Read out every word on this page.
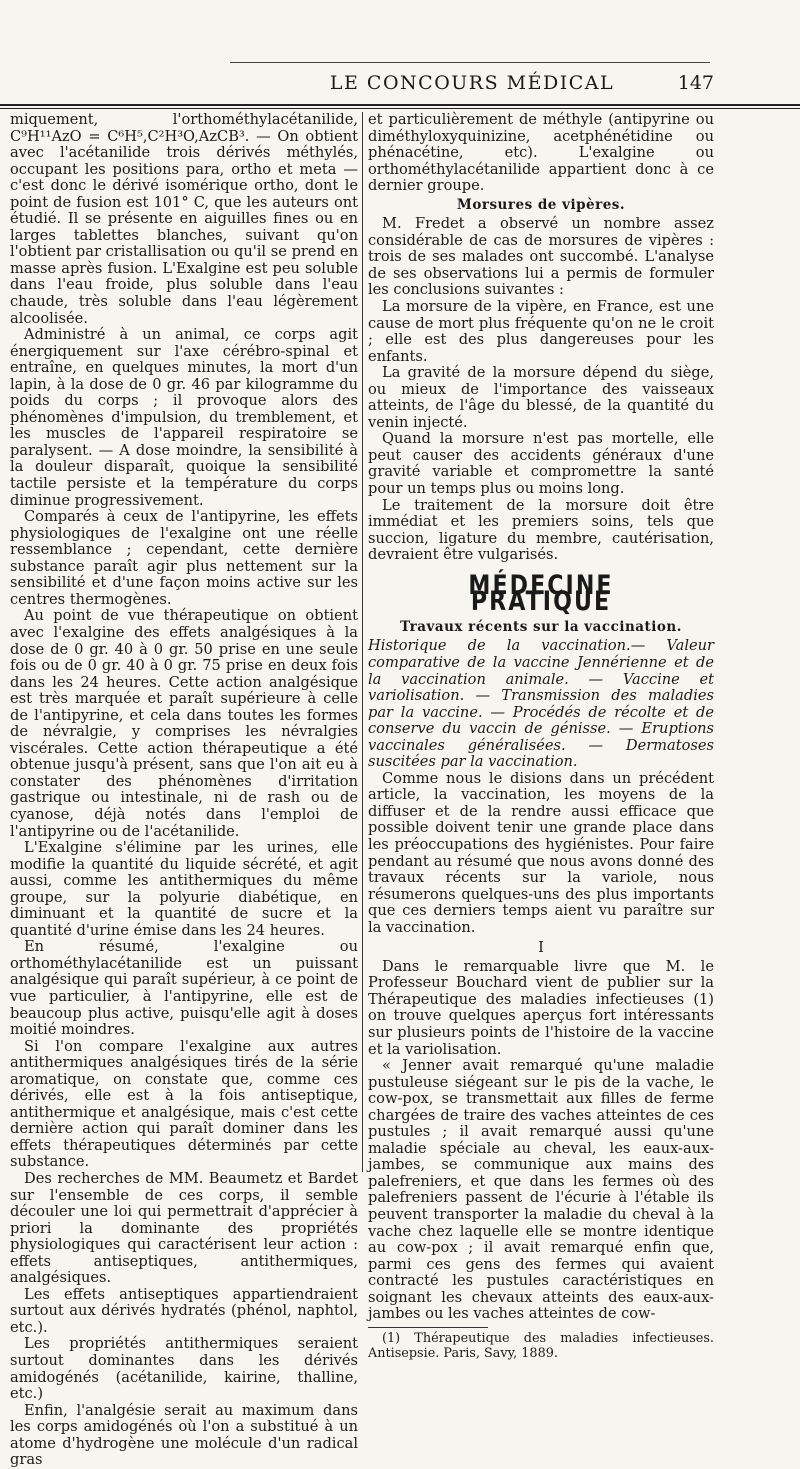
LE CONCOURS MÉDICAL	147

miquement, l'orthométhylacétanilide, C⁹H¹¹AzO = C⁶H⁵,C²H³O,AzCB³. — On obtient avec l'acétanilide trois dérivés méthylés, occupant les positions para, ortho et meta — c'est donc le dérivé isomérique ortho, dont le point de fusion est 101° C, que les auteurs ont étudié. Il se présente en aiguilles fines ou en larges tablettes blanches, suivant qu'on l'obtient par cristallisation ou qu'il se prend en masse après fusion. L'Exalgine est peu soluble dans l'eau froide, plus soluble dans l'eau chaude, très soluble dans l'eau légèrement alcoolisée.

Administré à un animal, ce corps agit énergiquement sur l'axe cérébro-spinal et entraîne, en quelques minutes, la mort d'un lapin, à la dose de 0 gr. 46 par kilogramme du poids du corps ; il provoque alors des phénomènes d'impulsion, du tremblement, et les muscles de l'appareil respiratoire se paralysent. — A dose moindre, la sensibilité à la douleur disparaît, quoique la sensibilité tactile persiste et la température du corps diminue progressivement.

Comparés à ceux de l'antipyrine, les effets physiologiques de l'exalgine ont une réelle ressemblance ; cependant, cette dernière substance paraît agir plus nettement sur la sensibilité et d'une façon moins active sur les centres thermogènes.

Au point de vue thérapeutique on obtient avec l'exalgine des effets analgésiques à la dose de 0 gr. 40 à 0 gr. 50 prise en une seule fois ou de 0 gr. 40 à 0 gr. 75 prise en deux fois dans les 24 heures. Cette action analgésique est très marquée et paraît supérieure à celle de l'antipyrine, et cela dans toutes les formes de névralgie, y comprises les névralgies viscérales. Cette action thérapeutique a été obtenue jusqu'à présent, sans que l'on ait eu à constater des phénomènes d'irritation gastrique ou intestinale, ni de rash ou de cyanose, déjà notés dans l'emploi de l'antipyrine ou de l'acétanilide.

L'Exalgine s'élimine par les urines, elle modifie la quantité du liquide sécrété, et agit aussi, comme les antithermiques du même groupe, sur la polyurie diabétique, en diminuant et la quantité de sucre et la quantité d'urine émise dans les 24 heures.

En résumé, l'exalgine ou orthométhylacétanilide est un puissant analgésique qui paraît supérieur, à ce point de vue particulier, à l'antipyrine, elle est de beaucoup plus active, puisqu'elle agit à doses moitié moindres.

Si l'on compare l'exalgine aux autres antithermiques analgésiques tirés de la série aromatique, on constate que, comme ces dérivés, elle est à la fois antiseptique, antithermique et analgésique, mais c'est cette dernière action qui paraît dominer dans les effets thérapeutiques déterminés par cette substance.

Des recherches de MM. Beaumetz et Bardet sur l'ensemble de ces corps, il semble découler une loi qui permettrait d'apprécier à priori la dominante des propriétés physiologiques qui caractérisent leur action : effets antiseptiques, antithermiques, analgésiques.

Les effets antiseptiques appartiendraient surtout aux dérivés hydratés (phénol, naphtol, etc.).

Les propriétés antithermiques seraient surtout dominantes dans les dérivés amidogénés (acétanilide, kairine, thalline, etc.)

Enfin, l'analgésie serait au maximum dans les corps amidogénés où l'on a substitué à un atome d'hydrogène une molécule d'un radical gras

et particulièrement de méthyle (antipyrine ou diméthyloxyquinizine, acetphénétidine ou phénacétine, etc). L'exalgine ou orthométhylacétanilide appartient donc à ce dernier groupe.

Morsures de vipères.

M. Fredet a observé un nombre assez considérable de cas de morsures de vipères : trois de ses malades ont succombé. L'analyse de ses observations lui a permis de formuler les conclusions suivantes :

La morsure de la vipère, en France, est une cause de mort plus fréquente qu'on ne le croit ; elle est des plus dangereuses pour les enfants.

La gravité de la morsure dépend du siège, ou mieux de l'importance des vaisseaux atteints, de l'âge du blessé, de la quantité du venin injecté.

Quand la morsure n'est pas mortelle, elle peut causer des accidents généraux d'une gravité variable et compromettre la santé pour un temps plus ou moins long.

Le traitement de la morsure doit être immédiat et les premiers soins, tels que succion, ligature du membre, cautérisation, devraient être vulgarisés.

MÉDECINE PRATIQUE
Travaux récents sur la vaccination.

Historique de la vaccination.— Valeur comparative de la vaccine Jennérienne et de la vaccination animale. — Vaccine et variolisation. — Transmission des maladies par la vaccine. — Procédés de récolte et de conserve du vaccin de génisse. — Eruptions vaccinales généralisées. — Dermatoses suscitées par la vaccination.

Comme nous le disions dans un précédent article, la vaccination, les moyens de la diffuser et de la rendre aussi efficace que possible doivent tenir une grande place dans les préoccupations des hygiénistes. Pour faire pendant au résumé que nous avons donné des travaux récents sur la variole, nous résumerons quelques-uns des plus importants que ces derniers temps aient vu paraître sur la vaccination.

I

Dans le remarquable livre que M. le Professeur Bouchard vient de publier sur la Thérapeutique des maladies infectieuses (1) on trouve quelques aperçus fort intéressants sur plusieurs points de l'histoire de la vaccine et la variolisation.

« Jenner avait remarqué qu'une maladie pustuleuse siégeant sur le pis de la vache, le cow-pox, se transmettait aux filles de ferme chargées de traire des vaches atteintes de ces pustules ; il avait remarqué aussi qu'une maladie spéciale au cheval, les eaux-aux-jambes, se communique aux mains des palefreniers, et que dans les fermes où des palefreniers passent de l'écurie à l'étable ils peuvent transporter la maladie du cheval à la vache chez laquelle elle se montre identique au cow-pox ; il avait remarqué enfin que, parmi ces gens des fermes qui avaient contracté les pustules caractéristiques en soignant les chevaux atteints des eaux-aux-jambes ou les vaches atteintes de cow-

(1) Thérapeutique des maladies infectieuses. Antisepsie. Paris, Savy, 1889.
